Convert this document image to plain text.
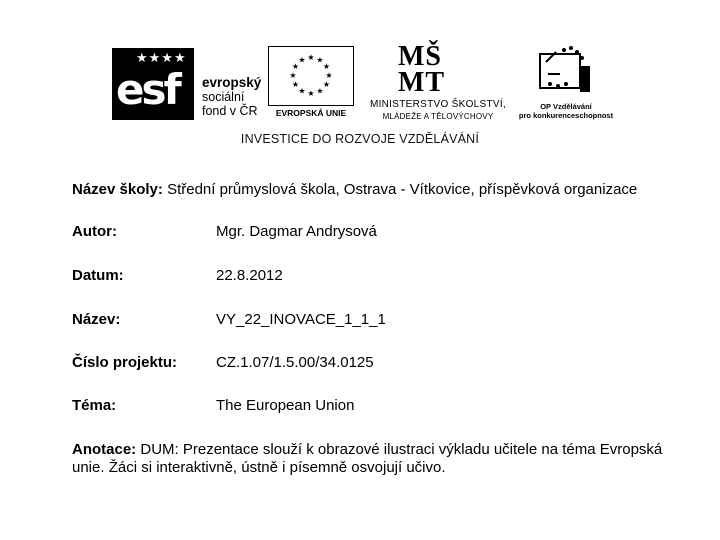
★★★★
esf evropský
sociální
fond v ČR
★ ★
★
★
★
★
★
★
★
★
★
★
EVROPSKÁ UNIE
MŠ
MT
MINISTERSTVO ŠKOLSTVÍ,
MLÁDEŽE A TĚLOVÝCHOVY
OP Vzdělávání
pro konkurenceschopnost
INVESTICE DO ROZVOJE VZDĚLÁVÁNÍ
Název školy: Střední průmyslová škola, Ostrava - Vítkovice, příspěvková organizace
Autor:	Mgr. Dagmar Andrysová
Datum:	22.8.2012
Název:	VY_22_INOVACE_1_1_1
Číslo projektu:	CZ.1.07/1.5.00/34.0125
Téma:	The European Union
Anotace: DUM: Prezentace slouží k obrazové ilustraci výkladu učitele na téma Evropská unie. Žáci si interaktivně, ústně i písemně osvojují učivo.
